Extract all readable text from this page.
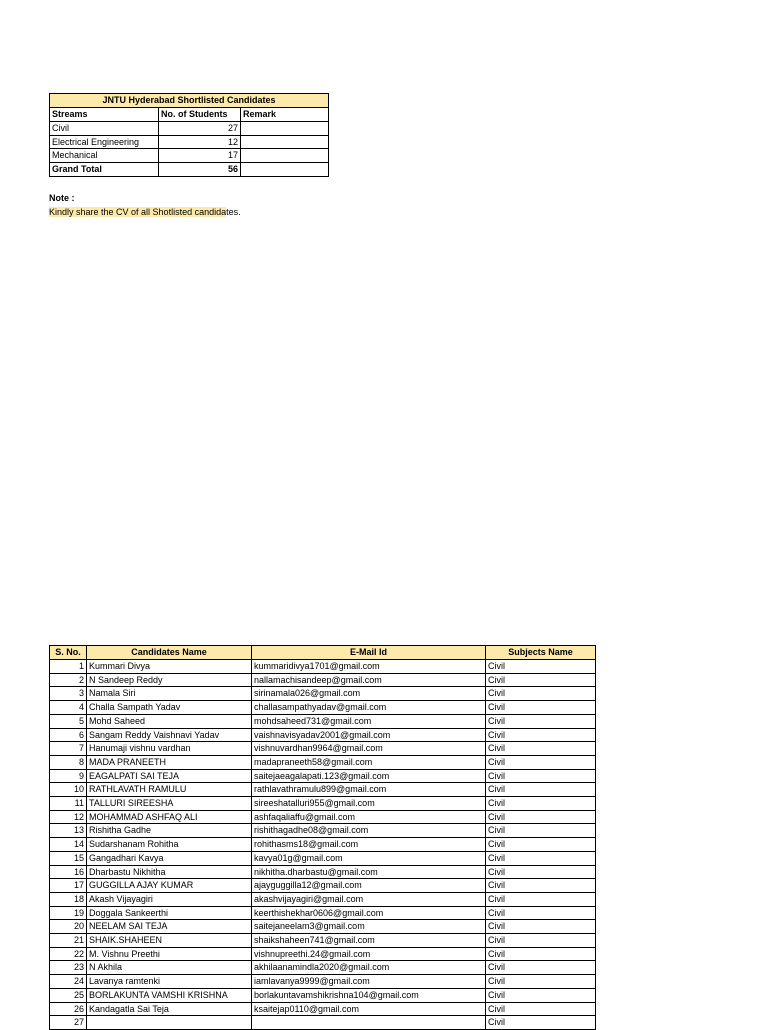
JNTU Hyderabad Shortlisted Candidates		
Streams	No. of Students	Remark
Civil	27	
Electrical Engineering	12	
Mechanical	17	
Grand Total	56	
Note :
Kindly share the CV of all Shotlisted candidates.
S. No.	Candidates Name	E-Mail Id	Subjects Name
1	Kummari Divya	kummaridivya1701@gmail.com	Civil
2	N Sandeep Reddy	nallamachisandeep@gmail.com	Civil
3	Namala Siri	sirinamala026@gmail.com	Civil
4	Challa Sampath Yadav	challasampathyadav@gmail.com	Civil
5	Mohd Saheed	mohdsaheed731@gmail.com	Civil
6	Sangam Reddy Vaishnavi Yadav	vaishnavisyadav2001@gmail.com	Civil
7	Hanumaji vishnu vardhan	vishnuvardhan9964@gmail.com	Civil
8	MADA PRANEETH	madapraneeth58@gmail.com	Civil
9	EAGALPATI SAI TEJA	saitejaeagalapati.123@gmail.com	Civil
10	RATHLAVATH RAMULU	rathlavathramulu899@gmail.com	Civil
11	TALLURI SIREESHA	sireeshatalluri955@gmail.com	Civil
12	MOHAMMAD ASHFAQ ALI	ashfaqaliaffu@gmail.com	Civil
13	Rishitha Gadhe	rishithagadhe08@gmail.com	Civil
14	Sudarshanam Rohitha	rohithasms18@gmail.com	Civil
15	Gangadhari Kavya	kavya01g@gmail.com	Civil
16	Dharbastu Nikhitha	nikhitha.dharbastu@gmail.com	Civil
17	GUGGILLA AJAY KUMAR	ajayguggilla12@gmail.com	Civil
18	Akash Vijayagiri	akashvijayagiri@gmail.com	Civil
19	Doggala Sankeerthi	keerthishekhar0606@gmail.com	Civil
20	NEELAM SAI TEJA	saitejaneelam3@gmail.com	Civil
21	SHAIK.SHAHEEN	shaikshaheen741@gmail.com	Civil
22	M. Vishnu Preethi	vishnupreethi.24@gmail.com	Civil
23	N Akhila	akhilaanamindla2020@gmail.com	Civil
24	Lavanya ramtenki	iamlavanya9999@gmail.com	Civil
25	BORLAKUNTA VAMSHI KRISHNA	borlakuntavamshikrishna104@gmail.com	Civil
26	Kandagatla Sai Teja	ksaitejap0110@gmail.com	Civil
27			Civil
